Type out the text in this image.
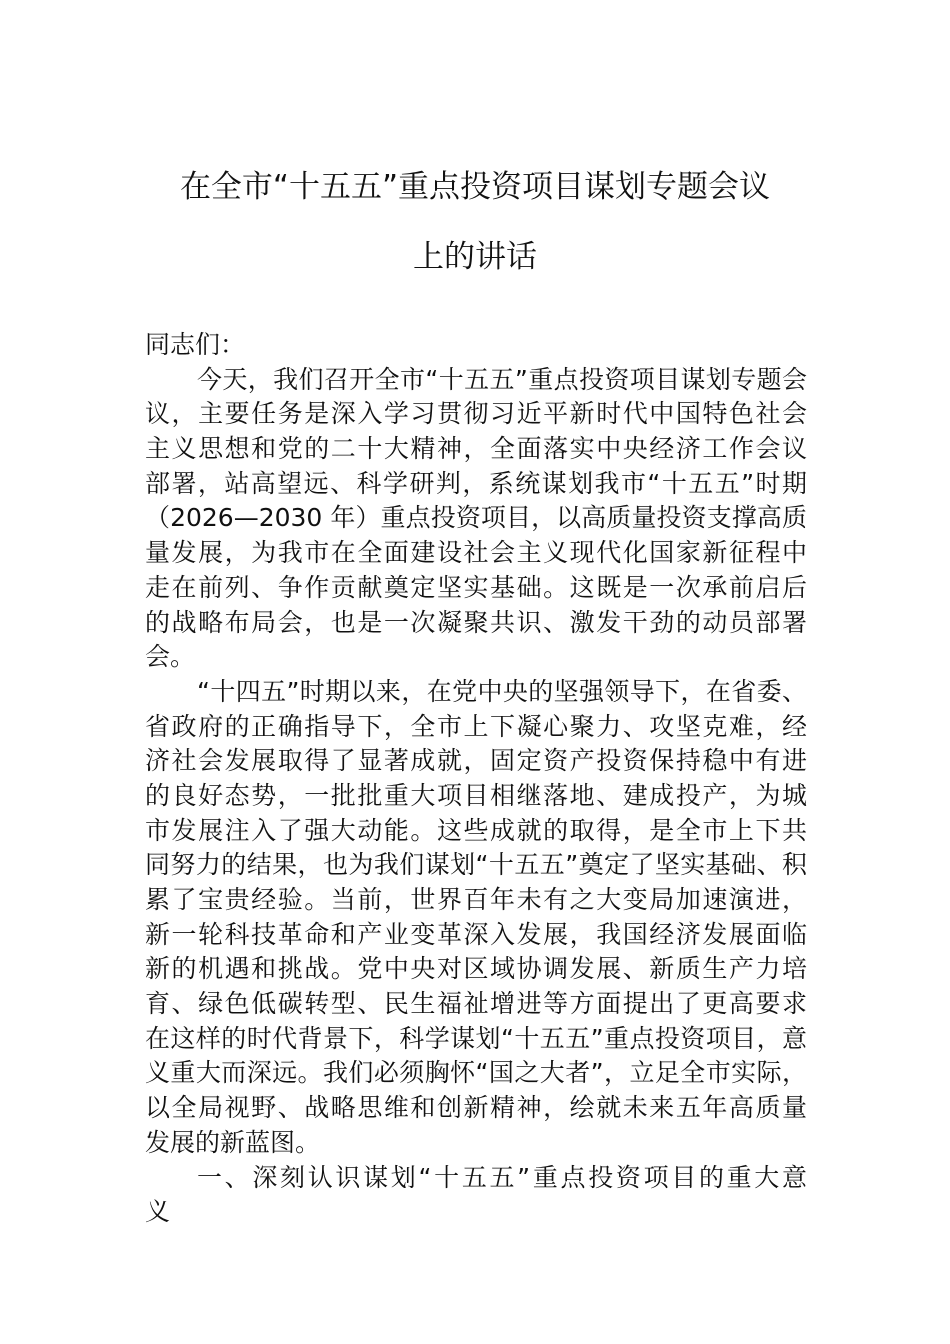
在全市“十五五”重点投资项目谋划专题会议
上的讲话
同志们：
今天，我们召开全市“十五五”重点投资项目谋划专题会
议，主要任务是深入学习贯彻习近平新时代中国特色社会
主义思想和党的二十大精神，全面落实中央经济工作会议
部署，站高望远、科学研判，系统谋划我市“十五五”时期
（2026—2030 年）重点投资项目，以高质量投资支撑高质
量发展，为我市在全面建设社会主义现代化国家新征程中
走在前列、争作贡献奠定坚实基础。这既是一次承前启后
的战略布局会，也是一次凝聚共识、激发干劲的动员部署
会。
“十四五”时期以来，在党中央的坚强领导下，在省委、
省政府的正确指导下，全市上下凝心聚力、攻坚克难，经
济社会发展取得了显著成就，固定资产投资保持稳中有进
的良好态势，一批批重大项目相继落地、建成投产，为城
市发展注入了强大动能。这些成就的取得，是全市上下共
同努力的结果，也为我们谋划“十五五”奠定了坚实基础、积
累了宝贵经验。当前，世界百年未有之大变局加速演进，
新一轮科技革命和产业变革深入发展，我国经济发展面临
新的机遇和挑战。党中央对区域协调发展、新质生产力培
育、绿色低碳转型、民生福祉增进等方面提出了更高要求
在这样的时代背景下，科学谋划“十五五”重点投资项目，意
义重大而深远。我们必须胸怀“国之大者”，立足全市实际，
以全局视野、战略思维和创新精神，绘就未来五年高质量
发展的新蓝图。
一、深刻认识谋划“十五五”重点投资项目的重大意
义
